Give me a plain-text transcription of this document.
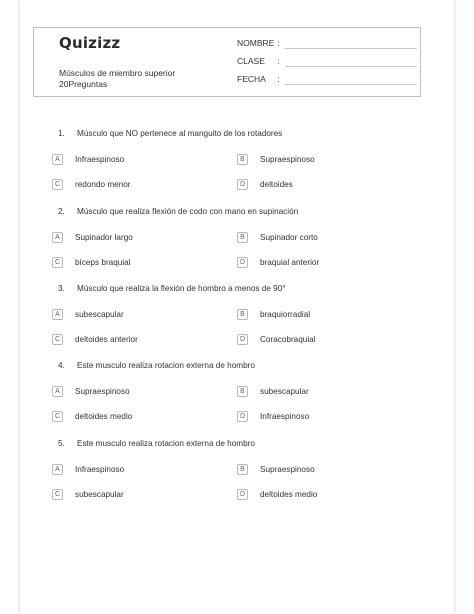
Quizizz
Músculos de miembro superior
20Preguntas
NOMBRE :
CLASE :
FECHA :
1. Músculo que NO pertenece al manguito de los rotadores
A	Infraespinoso	B	Supraespinoso
C	redondo menor	D	deltoides
2. Músculo que realiza flexión de codo con mano en supinación
A	Supinador largo	B	Supinador corto
C	bíceps braquial	D	braquial anterior
3. Músculo que realiza la flexión de hombro a menos de 90°
A	subescapular	B	braquiorradial
C	deltoides anterior	D	Coracobraquial
4. Este musculo realiza rotacion externa de hombro
A	Supraespinoso	B	subescapular
C	deltoides medio	D	Infraespinoso
5. Este musculo realiza rotacion externa de hombro
A	Infraespinoso	B	Supraespinoso
C	subescapular	D	deltoides medio
